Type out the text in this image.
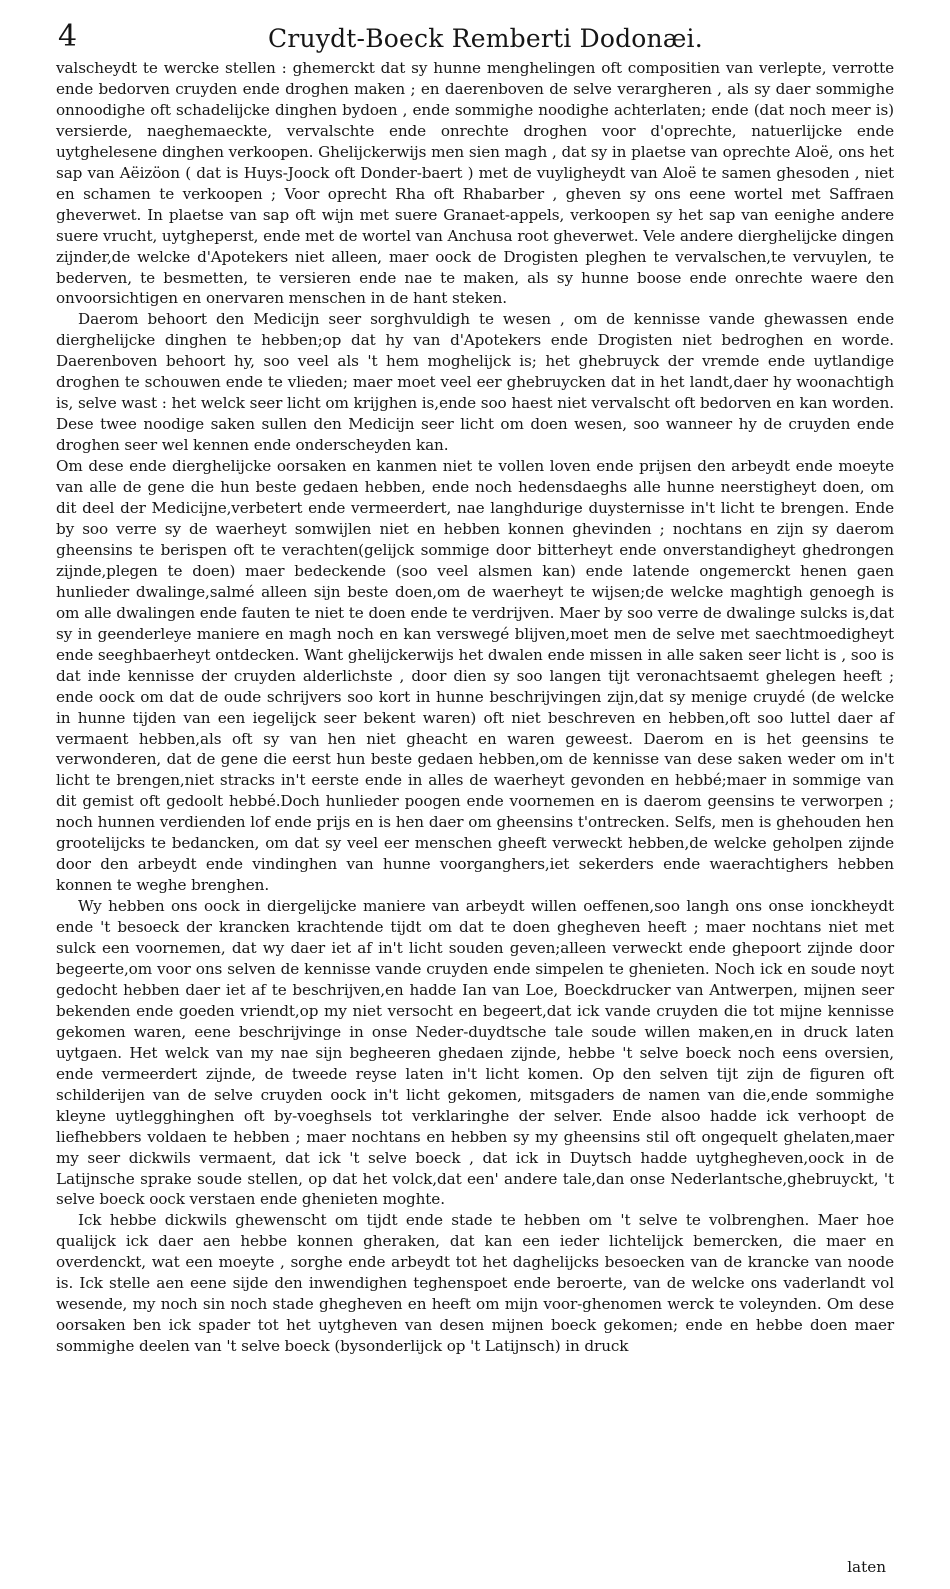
4	Cruydt-Boeck Remberti Dodonæi.

valscheydt te wercke stellen : ghemerckt dat sy hunne menghelingen oft compositien van verlepte, verrotte ende bedorven cruyden ende droghen maken ; en daerenboven de selve verargheren , als sy daer sommighe onnoodighe oft schadelijcke dinghen bydoen , ende sommighe noodighe achterlaten; ende (dat noch meer is) versierde, naeghemaeckte, vervalschte ende onrechte droghen voor d'oprechte, natuerlijcke ende uytghelesene dinghen verkoopen. Ghelijckerwijs men sien magh , dat sy in plaetse van oprechte Aloë, ons het sap van Aëizöon ( dat is Huys-Joock oft Donder-baert ) met de vuyligheydt van Aloë te samen ghesoden , niet en schamen te verkoopen ; Voor oprecht Rha oft Rhabarber , gheven sy ons eene wortel met Saffraen gheverwet. In plaetse van sap oft wijn met suere Granaet-appels, verkoopen sy het sap van eenighe andere suere vrucht, uytgheperst, ende met de wortel van Anchusa root gheverwet. Vele andere dierghelijcke dingen zijnder,de welcke d'Apotekers niet alleen, maer oock de Drogisten pleghen te vervalschen,te vervuylen, te bederven, te besmetten, te versieren ende nae te maken, als sy hunne boose ende onrechte waere den onvoorsichtigen en onervaren menschen in de hant steken.

Daerom behoort den Medicijn seer sorghvuldigh te wesen , om de kennisse vande ghewassen ende dierghelijcke dinghen te hebben;op dat hy van d'Apotekers ende Drogisten niet bedroghen en worde. Daerenboven behoort hy, soo veel als 't hem moghelijck is; het ghebruyck der vremde ende uytlandige droghen te schouwen ende te vlieden; maer moet veel eer ghebruycken dat in het landt,daer hy woonachtigh is, selve wast : het welck seer licht om krijghen is,ende soo haest niet vervalscht oft bedorven en kan worden. Dese twee noodige saken sullen den Medicijn seer licht om doen wesen, soo wanneer hy de cruyden ende droghen seer wel kennen ende onderscheyden kan.

Om dese ende dierghelijcke oorsaken en kanmen niet te vollen loven ende prijsen den arbeydt ende moeyte van alle de gene die hun beste gedaen hebben, ende noch hedensdaeghs alle hunne neerstigheyt doen, om dit deel der Medicijne,verbetert ende vermeerdert, nae langhdurige duysternisse in't licht te brengen. Ende by soo verre sy de waerheyt somwijlen niet en hebben konnen ghevinden ; nochtans en zijn sy daerom gheensins te berispen oft te verachten(gelijck sommige door bitterheyt ende onverstandigheyt ghedrongen zijnde,plegen te doen) maer bedeckende (soo veel alsmen kan) ende latende ongemerckt henen gaen hunlieder dwalinge,salmé alleen sijn beste doen,om de waerheyt te wijsen;de welcke maghtigh genoegh is om alle dwalingen ende fauten te niet te doen ende te verdrijven. Maer by soo verre de dwalinge sulcks is,dat sy in geenderleye maniere en magh noch en kan verswegé blijven,moet men de selve met saechtmoedigheyt ende seeghbaerheyt ontdecken. Want ghelijckerwijs het dwalen ende missen in alle saken seer licht is , soo is dat inde kennisse der cruyden alderlichste , door dien sy soo langen tijt veronachtsaemt ghelegen heeft ; ende oock om dat de oude schrijvers soo kort in hunne beschrijvingen zijn,dat sy menige cruydé (de welcke in hunne tijden van een iegelijck seer bekent waren) oft niet beschreven en hebben,oft soo luttel daer af vermaent hebben,als oft sy van hen niet gheacht en waren geweest. Daerom en is het geensins te verwonderen, dat de gene die eerst hun beste gedaen hebben,om de kennisse van dese saken weder om in't licht te brengen,niet stracks in't eerste ende in alles de waerheyt gevonden en hebbé;maer in sommige van dit gemist oft gedoolt hebbé.Doch hunlieder poogen ende voornemen en is daerom geensins te verworpen ; noch hunnen verdienden lof ende prijs en is hen daer om gheensins t'ontrecken. Selfs, men is ghehouden hen grootelijcks te bedancken, om dat sy veel eer menschen gheeft verweckt hebben,de welcke geholpen zijnde door den arbeydt ende vindinghen van hunne voorganghers,iet sekerders ende waerachtighers hebben konnen te weghe brenghen.

Wy hebben ons oock in diergelijcke maniere van arbeydt willen oeffenen,soo langh ons onse ionckheydt ende 't besoeck der krancken krachtende tijdt om dat te doen ghegheven heeft ; maer nochtans niet met sulck een voornemen, dat wy daer iet af in't licht souden geven;alleen verweckt ende ghepoort zijnde door begeerte,om voor ons selven de kennisse vande cruyden ende simpelen te ghenieten. Noch ick en soude noyt gedocht hebben daer iet af te beschrijven,en hadde Ian van Loe, Boeckdrucker van Antwerpen, mijnen seer bekenden ende goeden vriendt,op my niet versocht en begeert,dat ick vande cruyden die tot mijne kennisse gekomen waren, eene beschrijvinge in onse Neder-duydtsche tale soude willen maken,en in druck laten uytgaen. Het welck van my nae sijn begheeren ghedaen zijnde, hebbe 't selve boeck noch eens oversien, ende vermeerdert zijnde, de tweede reyse laten in't licht komen. Op den selven tijt zijn de figuren oft schilderijen van de selve cruyden oock in't licht gekomen, mitsgaders de namen van die,ende sommighe kleyne uytlegghinghen oft by-voeghsels tot verklaringhe der selver. Ende alsoo hadde ick verhoopt de liefhebbers voldaen te hebben ; maer nochtans en hebben sy my gheensins stil oft ongequelt ghelaten,maer my seer dickwils vermaent, dat ick 't selve boeck , dat ick in Duytsch hadde uytghegheven,oock in de Latijnsche sprake soude stellen, op dat het volck,dat een' andere tale,dan onse Nederlantsche,ghebruyckt, 't selve boeck oock verstaen ende ghenieten moghte.

Ick hebbe dickwils ghewenscht om tijdt ende stade te hebben om 't selve te volbrenghen. Maer hoe qualijck ick daer aen hebbe konnen gheraken, dat kan een ieder lichtelijck bemercken, die maer en overdenckt, wat een moeyte , sorghe ende arbeydt tot het daghelijcks besoecken van de krancke van noode is. Ick stelle aen eene sijde den inwendighen teghenspoet ende beroerte, van de welcke ons vaderlandt vol wesende, my noch sin noch stade ghegheven en heeft om mijn voor-ghenomen werck te voleynden. Om dese oorsaken ben ick spader tot het uytgheven van desen mijnen boeck gekomen; ende en hebbe doen maer sommighe deelen van 't selve boeck (bysonderlijck op 't Latijnsch) in druck

laten
